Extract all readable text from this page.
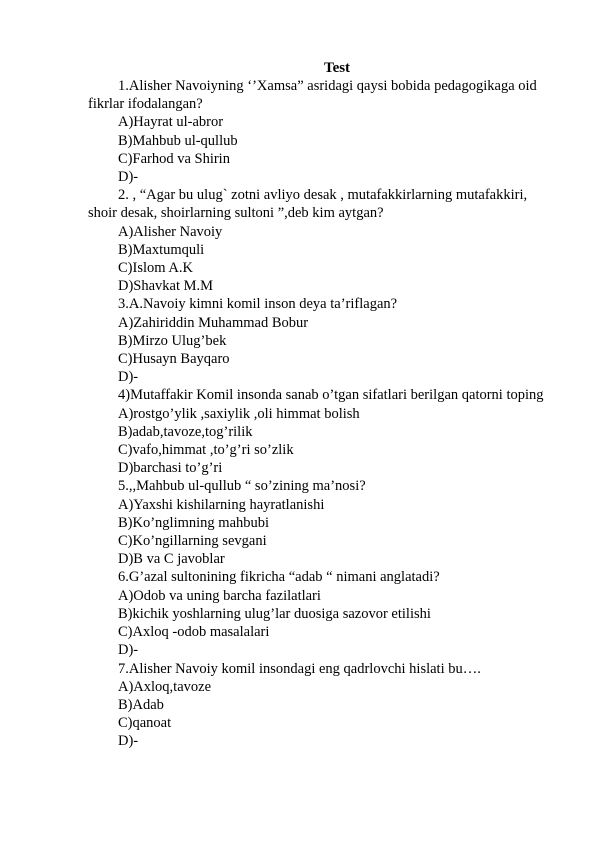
Test
1.Alisher Navoiyning ‘’Xamsa” asridagi qaysi bobida pedagogikaga oid fikrlar ifodalangan?
A)Hayrat ul-abror
B)Mahbub ul-qullub
C)Farhod va Shirin
D)-
2. , “Agar bu ulug` zotni avliyo desak , mutafakkirlarning mutafakkiri, shoir desak, shoirlarning sultoni ”,deb kim aytgan?
A)Alisher Navoiy
B)Maxtumquli
C)Islom A.K
D)Shavkat M.M
3.A.Navoiy kimni komil inson deya ta’riflagan?
A)Zahiriddin Muhammad Bobur
B)Mirzo Ulug’bek
C)Husayn Bayqaro
D)-
4)Mutaffakir Komil insonda sanab o’tgan sifatlari berilgan qatorni toping
A)rostgo’ylik ,saxiylik ,oli himmat bolish
B)adab,tavoze,tog’rilik
C)vafo,himmat ,to’g’ri so’zlik
D)barchasi to’g’ri
5.,,Mahbub ul-qullub “ so’zining ma’nosi?
A)Yaxshi kishilarning hayratlanishi
B)Ko’nglimning mahbubi
C)Ko’ngillarning sevgani
D)B va C javoblar
6.G’azal sultonining fikricha “adab “ nimani anglatadi?
A)Odob va uning barcha fazilatlari
B)kichik yoshlarning ulug’lar duosiga sazovor etilishi
C)Axloq -odob masalalari
D)-
7.Alisher Navoiy komil insondagi eng qadrlovchi hislati bu….
A)Axloq,tavoze
B)Adab
C)qanoat
D)-
